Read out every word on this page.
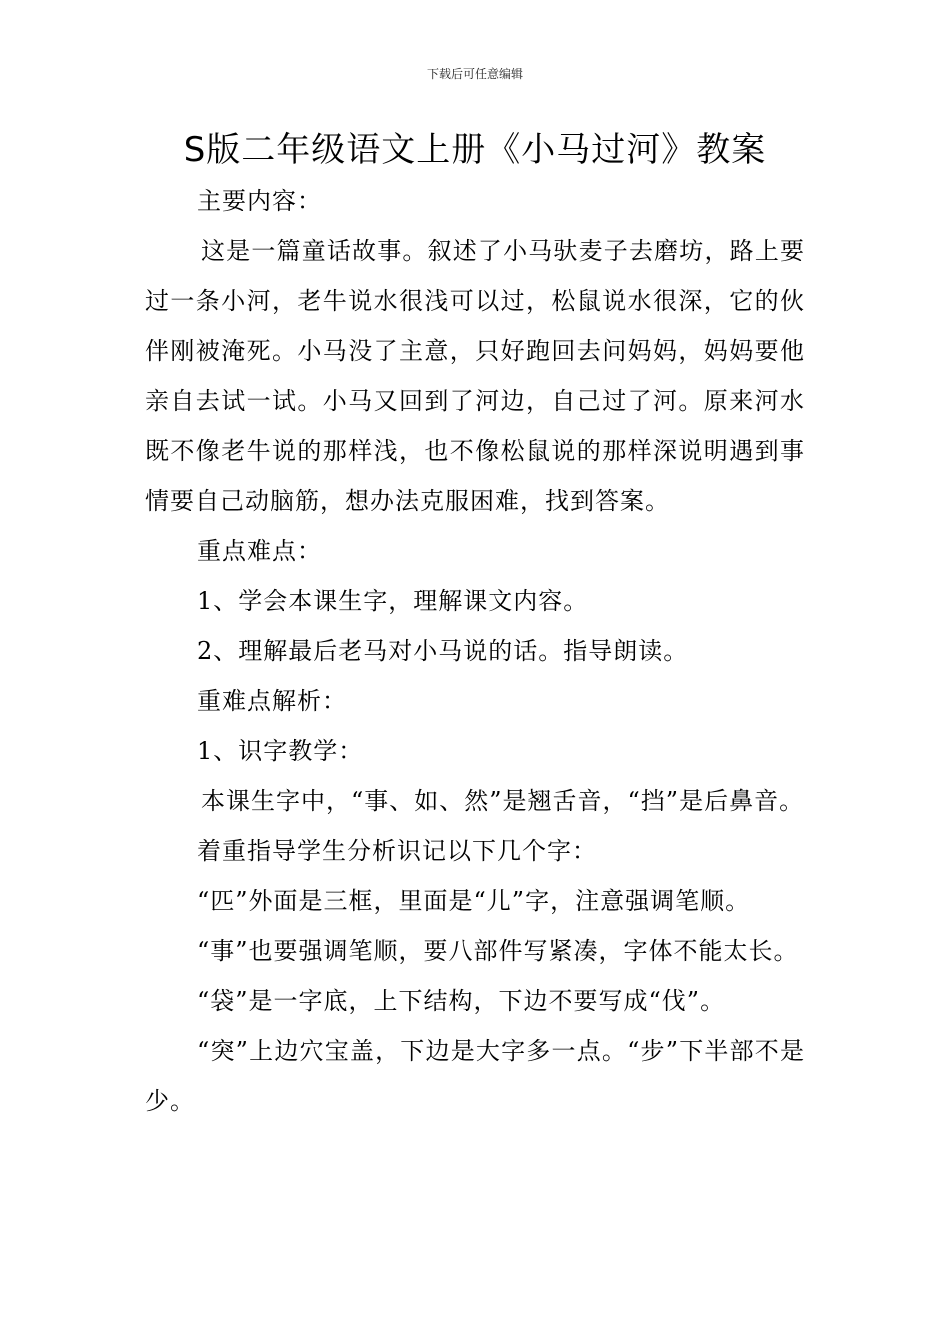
下载后可任意编辑
S版二年级语文上册《小马过河》教案

主要内容：

这是一篇童话故事。叙述了小马驮麦子去磨坊，路上要过一条小河，老牛说水很浅可以过，松鼠说水很深，它的伙伴刚被淹死。小马没了主意，只好跑回去问妈妈，妈妈要他亲自去试一试。小马又回到了河边，自己过了河。原来河水既不像老牛说的那样浅，也不像松鼠说的那样深说明遇到事情要自己动脑筋，想办法克服困难，找到答案。

重点难点：

1、学会本课生字，理解课文内容。

2、理解最后老马对小马说的话。指导朗读。

重难点解析：

1、识字教学：

本课生字中，“事、如、然”是翘舌音，“挡”是后鼻音。

着重指导学生分析识记以下几个字：

“匹”外面是三框，里面是“儿”字，注意强调笔顺。

“事”也要强调笔顺，要八部件写紧凑，字体不能太长。

“袋”是一字底，上下结构，下边不要写成“伐”。

“突”上边穴宝盖，下边是大字多一点。“步”下半部不是少。
